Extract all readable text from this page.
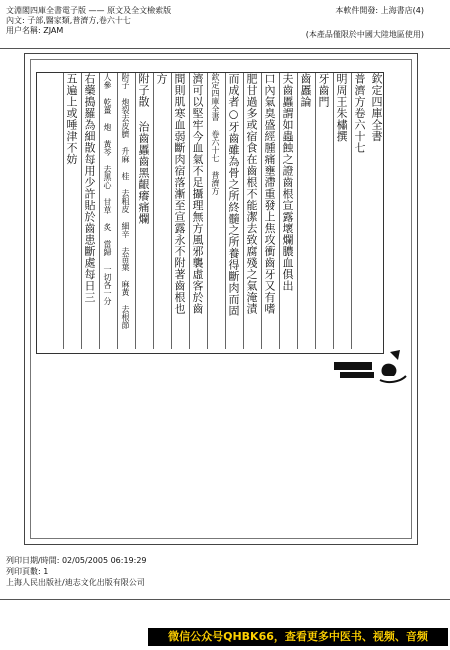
文淵閣四庫全書電子版 —— 原文及全文檢索版
內文: 子部,醫家類,普濟方,卷六十七
用户名稱: ZJAM
本軟件開發: 上海書店(4)
(本產品僅限於中國大陸地區使用)
欽定四庫全書
普濟方卷六十七
明周王朱橚撰
牙齒門
齒䘌論
夫齒䘌謂如蟲蝕之證齒根宣露壞爛膿血俱出
口內氣臭盛經腫痛壅滯重發上焦攻衝齒牙又有嗜
肥甘過多或宿食在齒根不能潔去致腐殘之氣淹漬
而成者○牙齒雖為骨之所終髓之所養得斷肉而固
欽定四庫全書 卷六十七 普濟方
濟可以堅牢今血氣不足攝理無方風邪襲虛客於齒
間則肌寒血弱斷肉宿落漸至宣露永不附著齒根也
方
附子散 治齒䘌齒黑齦癢痛爛
附子 炮裂去皮臍 升麻 桂 去粗皮 細辛 去苗葉 麻黃 去根節
人參 乾薑 炮 黃芩 去黑心 甘草 炙 當歸 一切各一分
右藥搗羅為細散每用少許貼於齒患斷處每日三
五遍上或唾津不妨
列印日期/時間: 02/05/2005 06:19:29
列印頁數: 1
上海人民出版社/迪志文化出版有限公司
微信公众号QHBK66，查看更多中医书、视频、音频
